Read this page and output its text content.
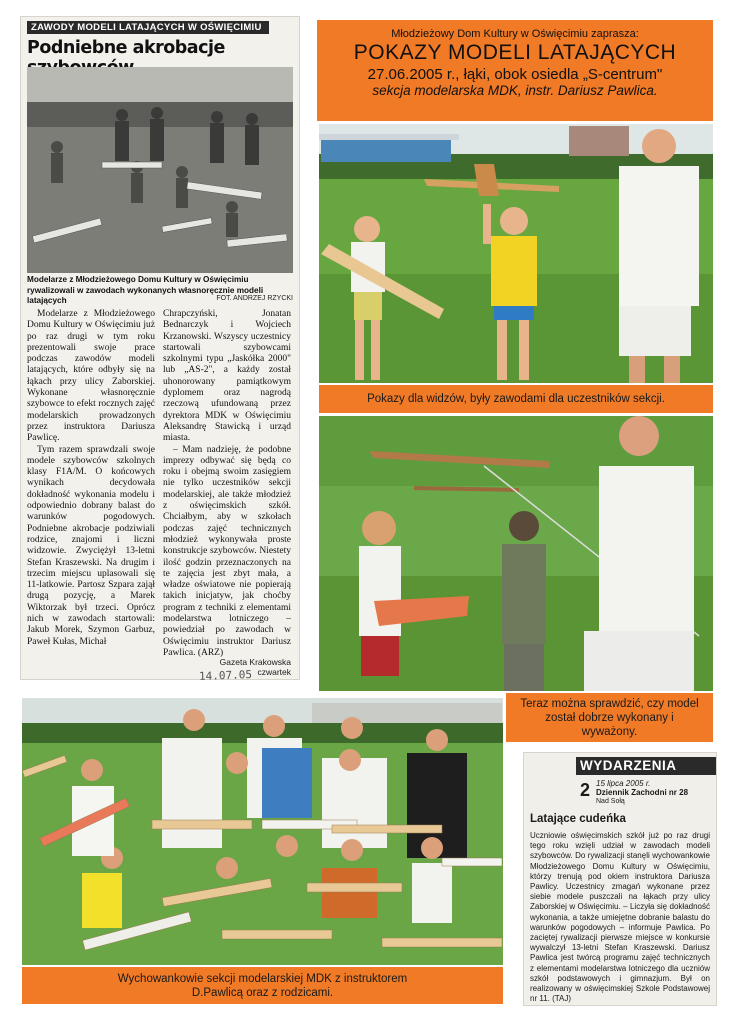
ZAWODY MODELI LATAJĄCYCH W OŚWIĘCIMIU
Podniebne akrobacje
Modelarze z Młodzieżowego Domu Kultury w Oświęcimiu rywalizowali w zawodach wykonanych własnoręcznie modeli latających	FOT. ANDRZEJ RZYCKI

Modelarze z Młodzieżowego Domu Kultury w Oświęcimiu już po raz drugi w tym roku prezentowali swoje prace podczas zawodów modeli latających, które odbyły się na łąkach przy ulicy Zaborskiej. Wykonane własnoręcznie szybowce to efekt rocznych zajęć modelarskich prowadzonych przez instruktora Dariusza Pawlicę.

Tym razem sprawdzali swoje modele szybowców szkolnych klasy F1A/M. O końcowych wynikach decydowała dokładność wykonania modelu i odpowiednio dobrany balast do warunków pogodowych. Podniebne akrobacje podziwiali rodzice, znajomi i liczni widzowie. Zwyciężył 13-letni Stefan Kraszewski. Na drugim i trzecim miejscu uplasowali się 11-latkowie. Partosz Szpara zajął drugą pozycję, a Marek Wiktorzak był trzeci. Oprócz nich w zawodach startowali: Jakub Morek, Szymon Garbuz, Paweł Kułas, Michał

Chrapczyński, Jonatan Bednarczyk i Wojciech Krzanowski. Wszyscy uczestnicy startowali szybowcami szkolnymi typu „Jaskółka 2000" lub „AS-2", a każdy został uhonorowany pamiątkowym dyplomem oraz nagrodą rzeczową ufundowaną przez dyrektora MDK w Oświęcimiu Aleksandrę Stawicką i urząd miasta.

– Mam nadzieję, że podobne imprezy odbywać się będą co roku i obejmą swoim zasięgiem nie tylko uczestników sekcji modelarskiej, ale także młodzież z oświęcimskich szkół. Chciałbym, aby w szkołach podczas zajęć technicznych młodzież wykonywała proste konstrukcje szybowców. Niestety ilość godzin przeznaczonych na te zajęcia jest zbyt mała, a władze oświatowe nie popierają takich inicjatyw, jak choćby program z techniki z elementami modelarstwa lotniczego – powiedział po zawodach w Oświęcimiu instruktor Dariusz Pawlica. (ARZ)

Gazeta Krakowska
czwartek
14.07.05
Młodzieżowy Dom Kultury w Oświęcimiu zaprasza:
POKAZY MODELI LATAJĄCYCH
27.06.2005 r., łąki, obok osiedla „S-centrum"
sekcja modelarska MDK, instr. Dariusz Pawlica.
Pokazy dla widzów, były zawodami dla uczestników sekcji.
Teraz można sprawdzić, czy model został dobrze wykonany i wyważony.
Wychowankowie sekcji modelarskiej MDK z instruktorem D.Pawlicą oraz z rodzicami.
WYDARZENIA
2 15 lipca 2005 r.
Dziennik Zachodni nr 28
Nad Sołą
Latające cudeńka
Uczniowie oświęcimskich szkół już po raz drugi tego roku wzięli udział w zawodach modeli szybowców. Do rywalizacji stanęli wychowankowie Młodzieżowego Domu Kultury w Oświęcimiu, którzy trenują pod okiem instruktora Dariusza Pawlicy. Uczestnicy zmagań wykonane przez siebie modele puszczali na łąkach przy ulicy Zaborskiej w Oświęcimiu. – Liczyła się dokładność wykonania, a także umiejętne dobranie balastu do warunków pogodowych – informuje Pawlica. Po zaciętej rywalizacji pierwsze miejsce w konkursie wywalczył 13-letni Stefan Kraszewski. Dariusz Pawlica jest twórcą programu zajęć technicznych z elementami modelarstwa lotniczego dla uczniów szkół podstawowych i gimnazjum. Był on realizowany w oświęcimskiej Szkole Podstawowej nr 11. (TAJ)
